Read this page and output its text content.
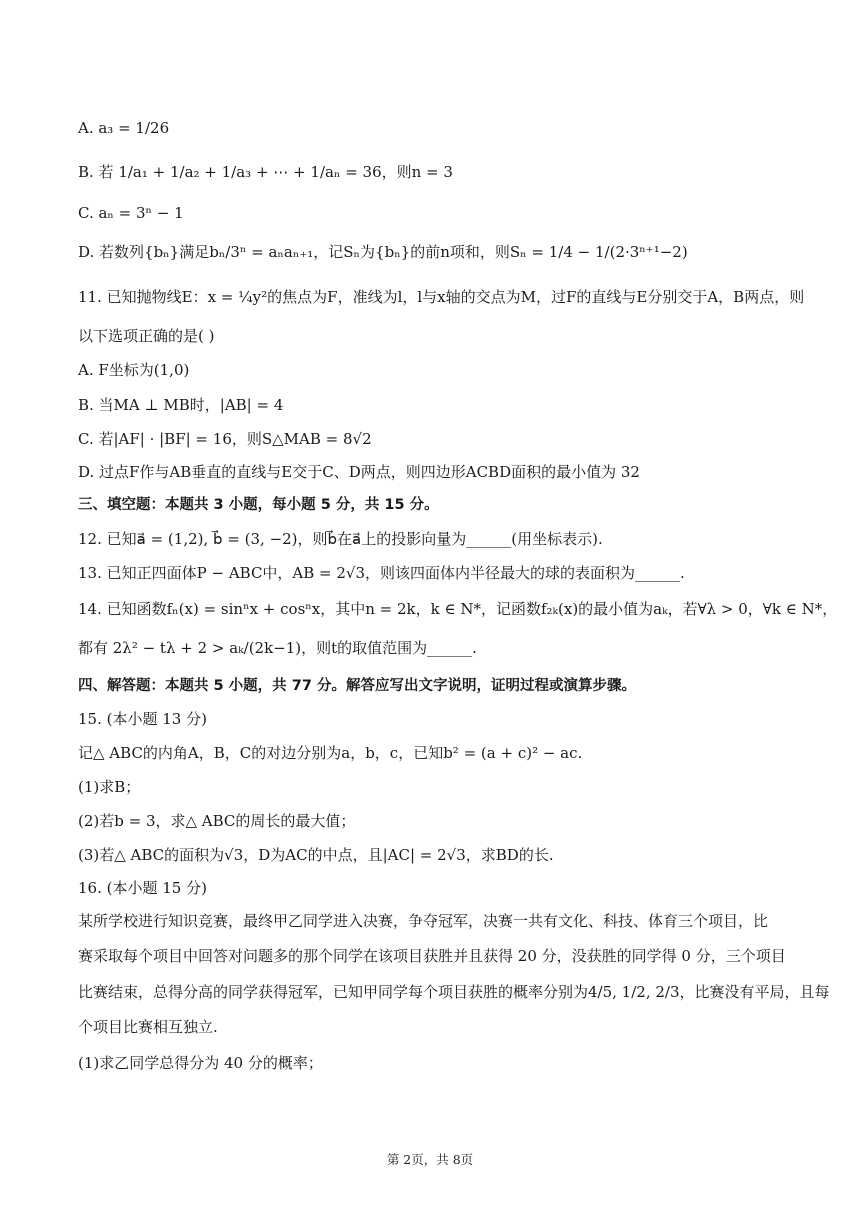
A. a₃ = 1/26
B. 若 1/a₁ + 1/a₂ + 1/a₃ + ⋯ + 1/aₙ = 36，则n = 3
C. aₙ = 3ⁿ − 1
D. 若数列{bₙ}满足bₙ/3ⁿ = aₙaₙ₊₁，记Sₙ为{bₙ}的前n项和，则Sₙ = 1/4 − 1/(2·3ⁿ⁺¹−2)
11. 已知抛物线E：x = ¼y²的焦点为F，准线为l，l与x轴的交点为M，过F的直线与E分别交于A，B两点，则
以下选项正确的是( )
A. F坐标为(1,0)
B. 当MA ⊥ MB时，|AB| = 4
C. 若|AF| · |BF| = 16，则S△MAB = 8√2
D. 过点F作与AB垂直的直线与E交于C、D两点，则四边形ACBD面积的最小值为 32
三、填空题：本题共 3 小题，每小题 5 分，共 15 分。
12. 已知a⃗ = (1,2), b⃗ = (3, −2)，则b⃗在a⃗上的投影向量为______(用坐标表示).
13. 已知正四面体P − ABC中，AB = 2√3，则该四面体内半径最大的球的表面积为______.
14. 已知函数fₙ(x) = sinⁿx + cosⁿx，其中n = 2k，k ∈ N*，记函数f₂ₖ(x)的最小值为aₖ，若∀λ > 0，∀k ∈ N*，
都有 2λ² − tλ + 2 > aₖ/(2k−1)，则t的取值范围为______.
四、解答题：本题共 5 小题，共 77 分。解答应写出文字说明，证明过程或演算步骤。
15. (本小题 13 分)
记△ ABC的内角A，B，C的对边分别为a，b，c，已知b² = (a + c)² − ac.
(1)求B；
(2)若b = 3，求△ ABC的周长的最大值；
(3)若△ ABC的面积为√3，D为AC的中点，且|AC| = 2√3，求BD的长.
16. (本小题 15 分)
某所学校进行知识竞赛，最终甲乙同学进入决赛，争夺冠军，决赛一共有文化、科技、体育三个项目，比
赛采取每个项目中回答对问题多的那个同学在该项目获胜并且获得 20 分，没获胜的同学得 0 分，三个项目
比赛结束，总得分高的同学获得冠军，已知甲同学每个项目获胜的概率分别为4/5, 1/2, 2/3，比赛没有平局，且每
个项目比赛相互独立.
(1)求乙同学总得分为 40 分的概率；
第 2页，共 8页
